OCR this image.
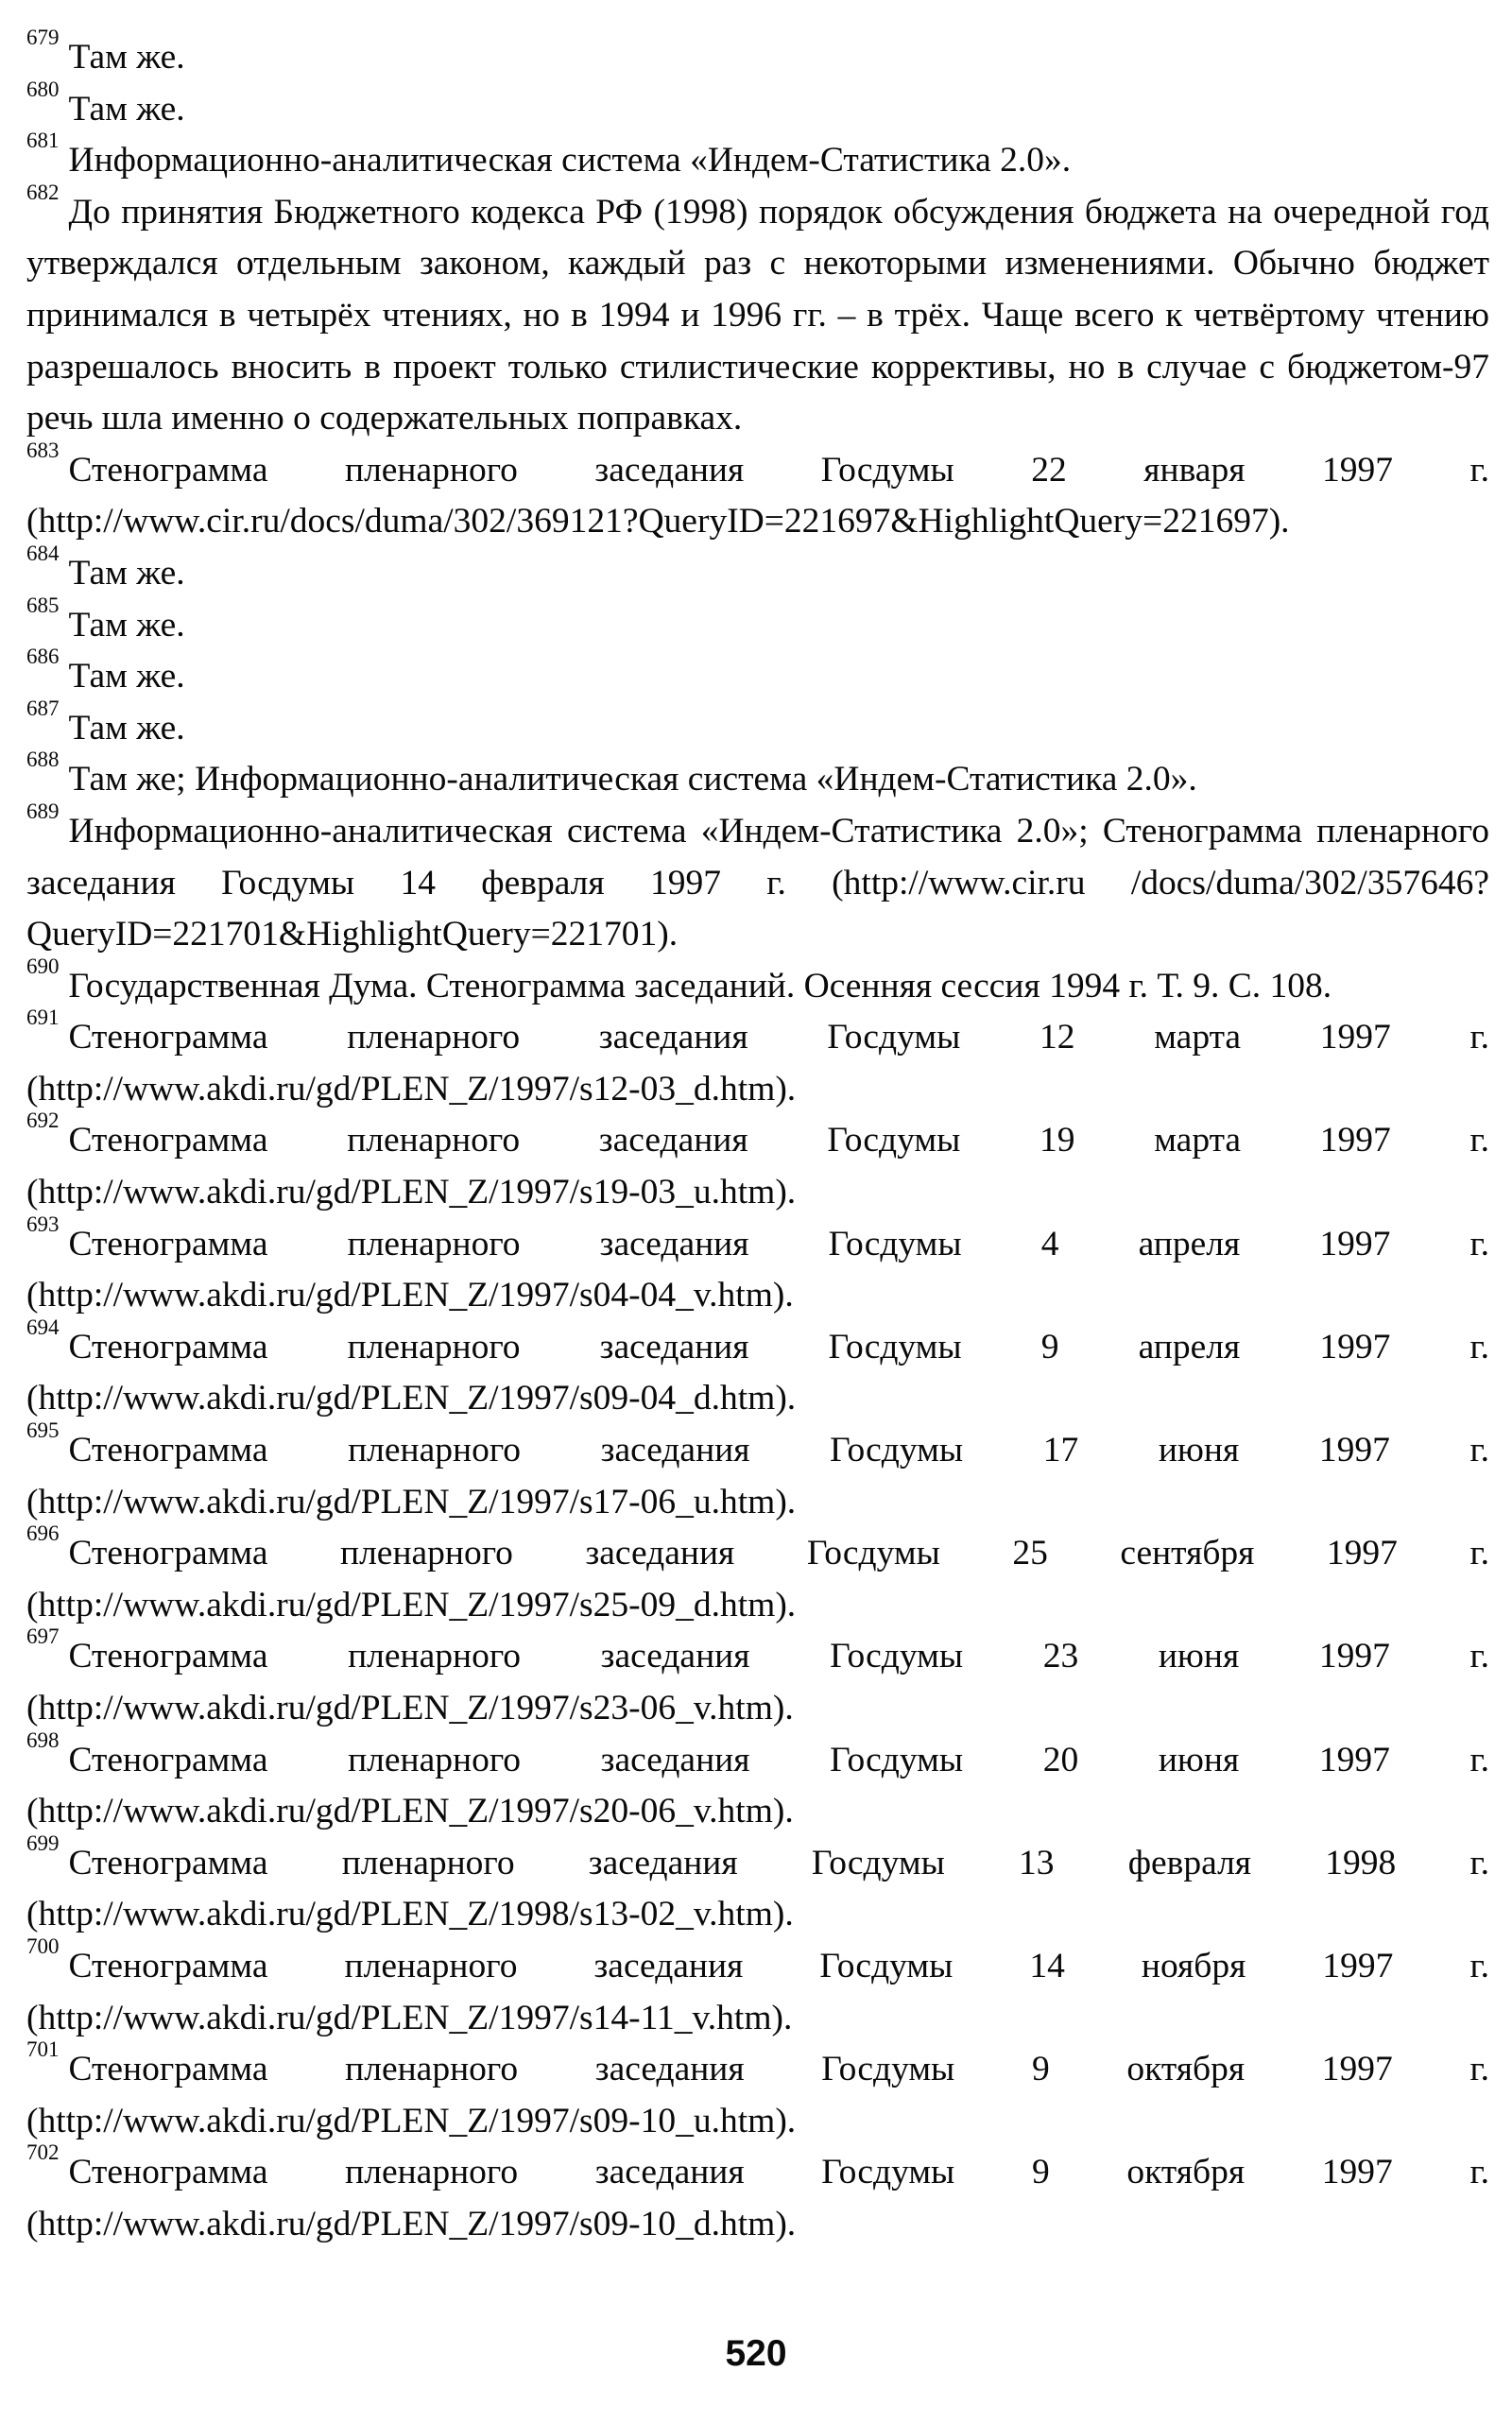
$^{679}$Там же.

$^{680}$Там же.

$^{681}$Информационно-аналитическая система «Индем-Статистика 2.0».

$^{682}$До принятия Бюджетного кодекса РФ (1998) порядок обсуждения бюджета на очередной год утверждался отдельным законом, каждый раз с некоторыми изменениями. Обычно бюджет принимался в четырёх чтениях, но в 1994 и 1996 гг. – в трёх. Чаще всего к четвёртому чтению разрешалось вносить в проект только стилистические коррективы, но в случае с бюджетом-97 речь шла именно о содержательных поправках.

$^{683}$Стенограмма пленарного заседания Госдумы 22 января 1997 г. (http://www.cir.ru/docs/duma/302/369121?QueryID=221697&HighlightQuery=221697).

$^{684}$Там же.

$^{685}$Там же.

$^{686}$Там же.

$^{687}$Там же.

$^{688}$Там же; Информационно-аналитическая система «Индем-Статистика 2.0».

$^{689}$Информационно-аналитическая система «Индем-Статистика 2.0»; Стенограмма пленарного заседания Госдумы 14 февраля 1997 г. (http://www.cir.ru /docs/duma/302/357646?QueryID=221701&HighlightQuery=221701).

$^{690}$Государственная Дума. Стенограмма заседаний. Осенняя сессия 1994 г. Т. 9. С. 108.

$^{691}$Стенограмма пленарного заседания Госдумы 12 марта 1997 г. (http://www.akdi.ru/gd/PLEN_Z/1997/s12-03_d.htm).

$^{692}$Стенограмма пленарного заседания Госдумы 19 марта 1997 г. (http://www.akdi.ru/gd/PLEN_Z/1997/s19-03_u.htm).

$^{693}$Стенограмма пленарного заседания Госдумы 4 апреля 1997 г. (http://www.akdi.ru/gd/PLEN_Z/1997/s04-04_v.htm).

$^{694}$Стенограмма пленарного заседания Госдумы 9 апреля 1997 г. (http://www.akdi.ru/gd/PLEN_Z/1997/s09-04_d.htm).

$^{695}$Стенограмма пленарного заседания Госдумы 17 июня 1997 г. (http://www.akdi.ru/gd/PLEN_Z/1997/s17-06_u.htm).

$^{696}$Стенограмма пленарного заседания Госдумы 25 сентября 1997 г. (http://www.akdi.ru/gd/PLEN_Z/1997/s25-09_d.htm).

$^{697}$Стенограмма пленарного заседания Госдумы 23 июня 1997 г. (http://www.akdi.ru/gd/PLEN_Z/1997/s23-06_v.htm).

$^{698}$Стенограмма пленарного заседания Госдумы 20 июня 1997 г. (http://www.akdi.ru/gd/PLEN_Z/1997/s20-06_v.htm).

$^{699}$Стенограмма пленарного заседания Госдумы 13 февраля 1998 г. (http://www.akdi.ru/gd/PLEN_Z/1998/s13-02_v.htm).

$^{700}$Стенограмма пленарного заседания Госдумы 14 ноября 1997 г. (http://www.akdi.ru/gd/PLEN_Z/1997/s14-11_v.htm).

$^{701}$Стенограмма пленарного заседания Госдумы 9 октября 1997 г. (http://www.akdi.ru/gd/PLEN_Z/1997/s09-10_u.htm).

$^{702}$Стенограмма пленарного заседания Госдумы 9 октября 1997 г. (http://www.akdi.ru/gd/PLEN_Z/1997/s09-10_d.htm).

520
